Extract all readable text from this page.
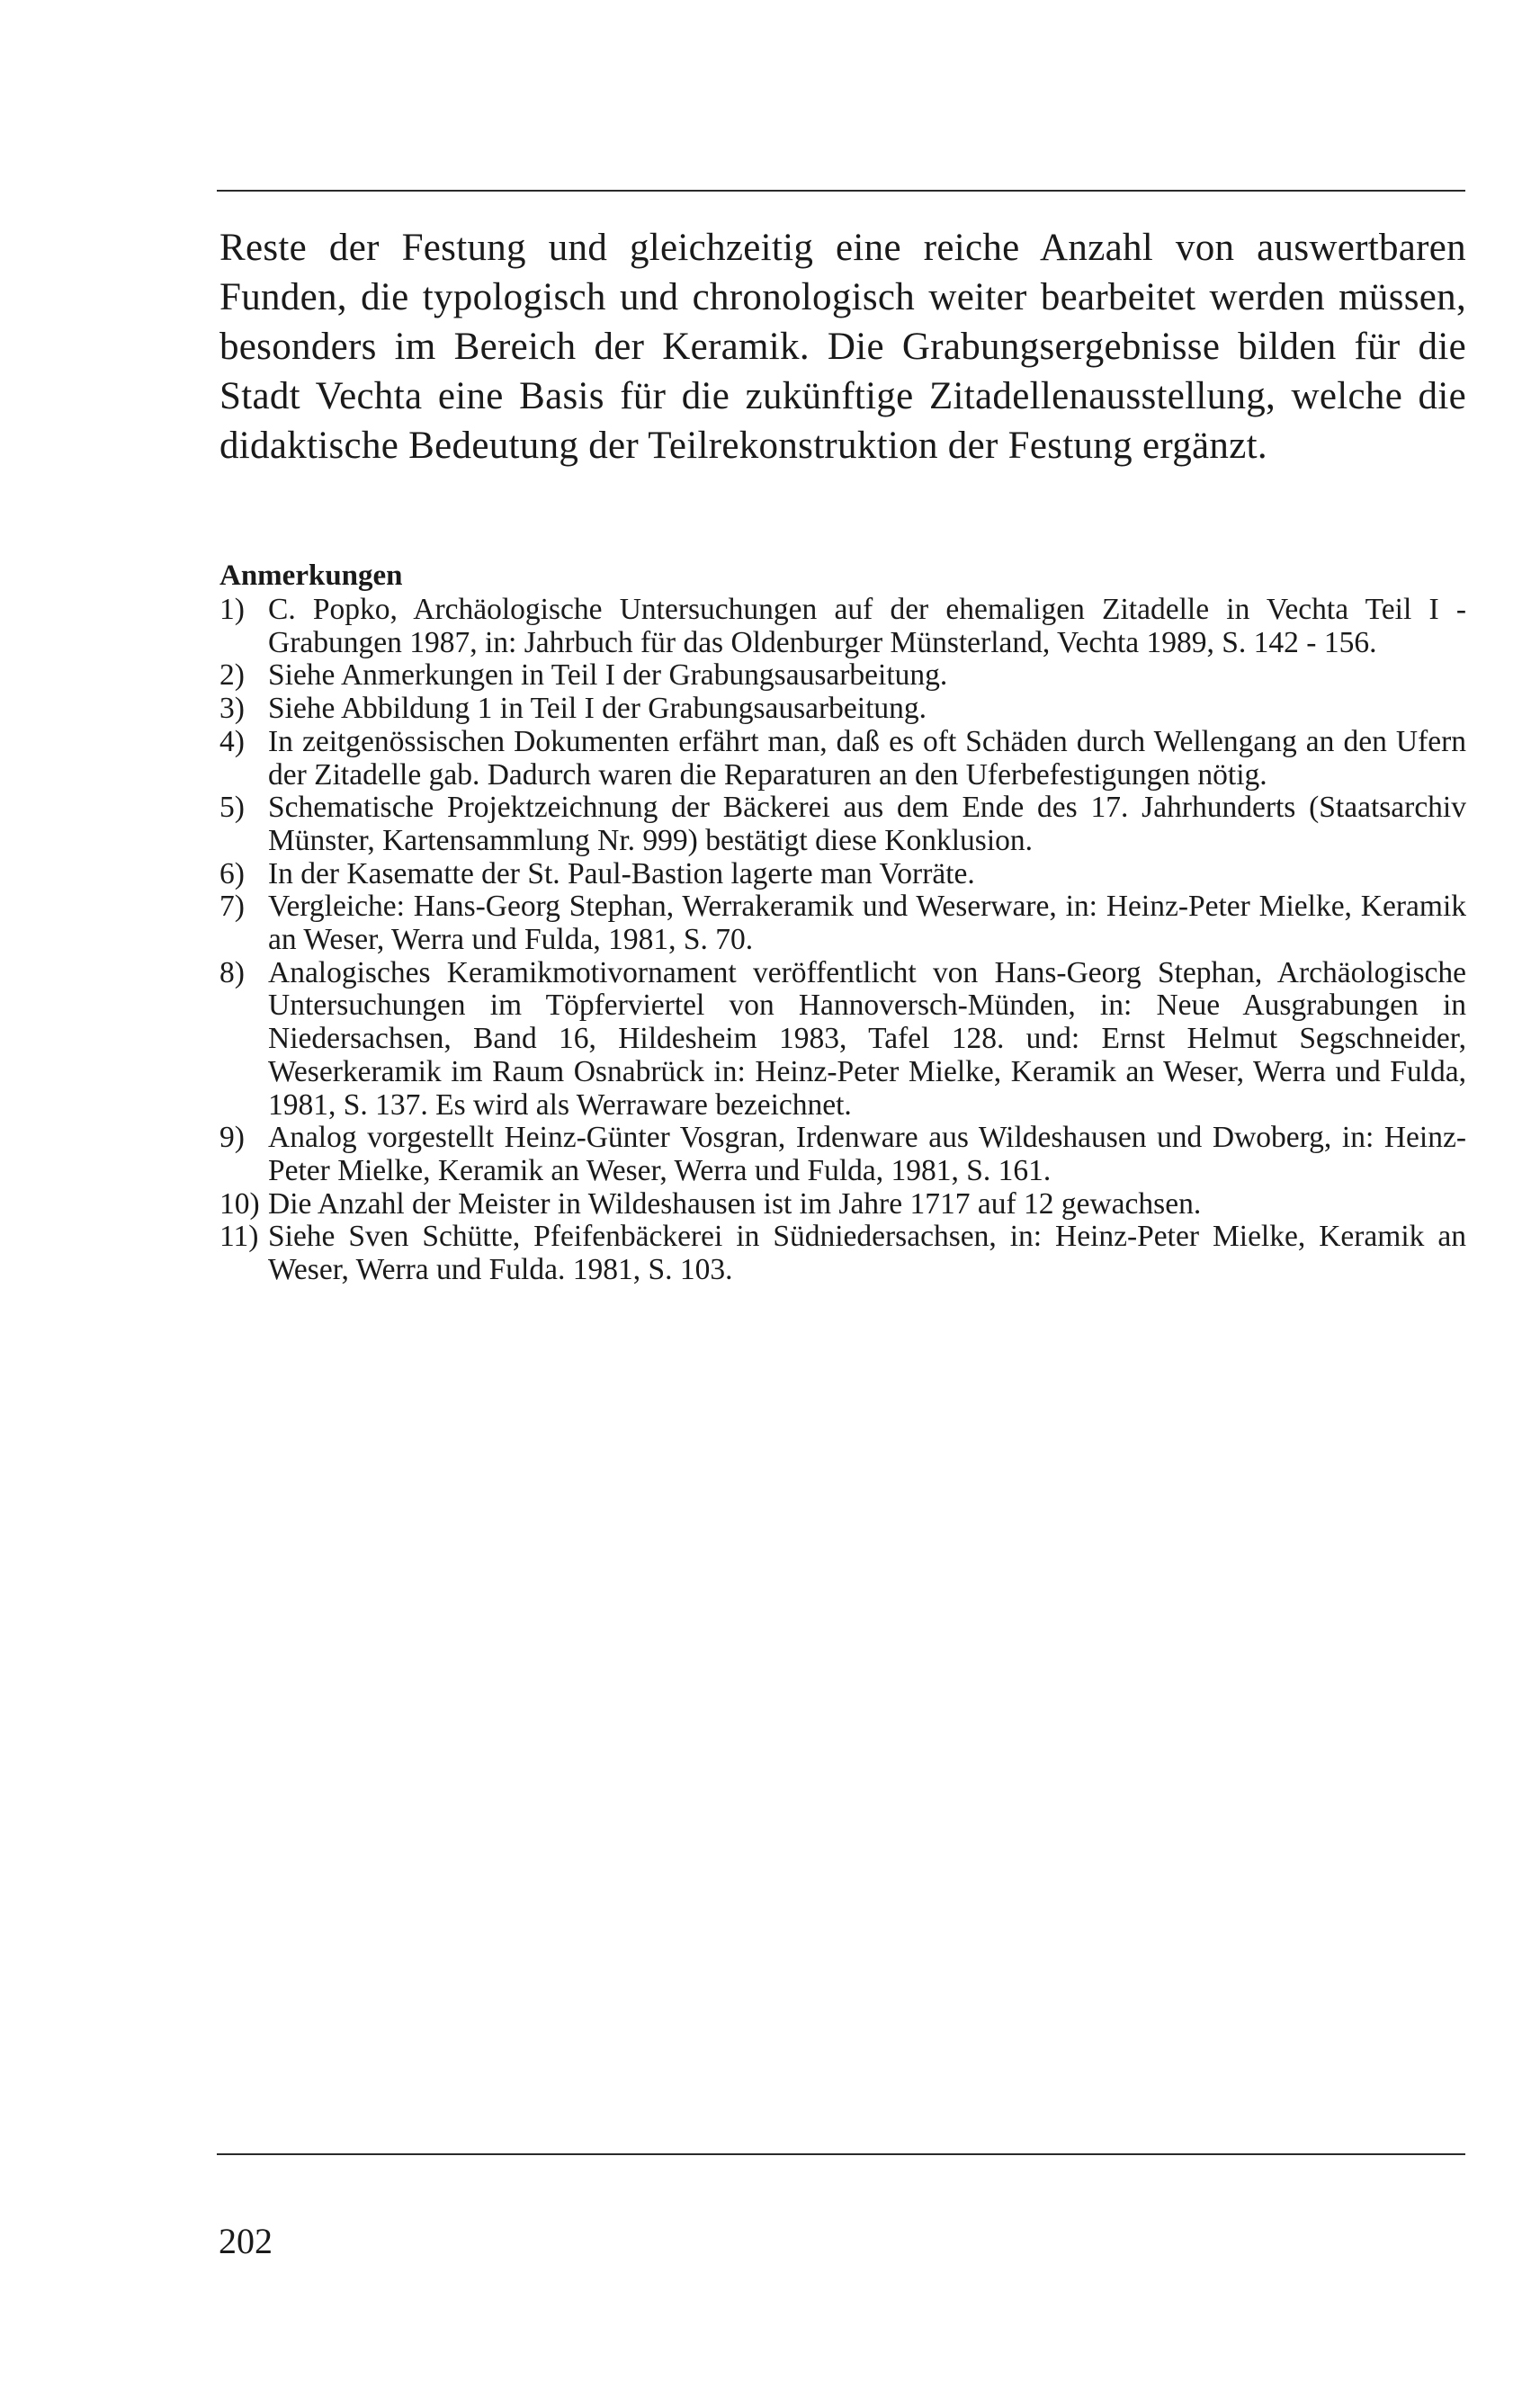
Reste der Festung und gleichzeitig eine reiche Anzahl von auswertbaren Funden, die typologisch und chronologisch weiter bearbeitet werden müssen, besonders im Bereich der Keramik. Die Grabungsergebnisse bilden für die Stadt Vechta eine Basis für die zukünftige Zitadellenausstellung, welche die didaktische Bedeutung der Teilrekonstruktion der Festung ergänzt.

Anmerkungen

1) C. Popko, Archäologische Untersuchungen auf der ehemaligen Zitadelle in Vechta Teil I - Grabungen 1987, in: Jahrbuch für das Oldenburger Münsterland, Vechta 1989, S. 142 - 156.
2) Siehe Anmerkungen in Teil I der Grabungsausarbeitung.
3) Siehe Abbildung 1 in Teil I der Grabungsausarbeitung.
4) In zeitgenössischen Dokumenten erfährt man, daß es oft Schäden durch Wellengang an den Ufern der Zitadelle gab. Dadurch waren die Reparaturen an den Uferbefestigungen nötig.
5) Schematische Projektzeichnung der Bäckerei aus dem Ende des 17. Jahrhunderts (Staatsarchiv Münster, Kartensammlung Nr. 999) bestätigt diese Konklusion.
6) In der Kasematte der St. Paul-Bastion lagerte man Vorräte.
7) Vergleiche: Hans-Georg Stephan, Werrakeramik und Weserware, in: Heinz-Peter Mielke, Keramik an Weser, Werra und Fulda, 1981, S. 70.
8) Analogisches Keramikmotivornament veröffentlicht von Hans-Georg Stephan, Archäologische Untersuchungen im Töpferviertel von Hannoversch-Münden, in: Neue Ausgrabungen in Niedersachsen, Band 16, Hildesheim 1983, Tafel 128. und: Ernst Helmut Segschneider, Weserkeramik im Raum Osnabrück in: Heinz-Peter Mielke, Keramik an Weser, Werra und Fulda, 1981, S. 137. Es wird als Werraware bezeichnet.
9) Analog vorgestellt Heinz-Günter Vosgran, Irdenware aus Wildeshausen und Dwoberg, in: Heinz-Peter Mielke, Keramik an Weser, Werra und Fulda, 1981, S. 161.
10) Die Anzahl der Meister in Wildeshausen ist im Jahre 1717 auf 12 gewachsen.
11) Siehe Sven Schütte, Pfeifenbäckerei in Südniedersachsen, in: Heinz-Peter Mielke, Keramik an Weser, Werra und Fulda. 1981, S. 103.

202
